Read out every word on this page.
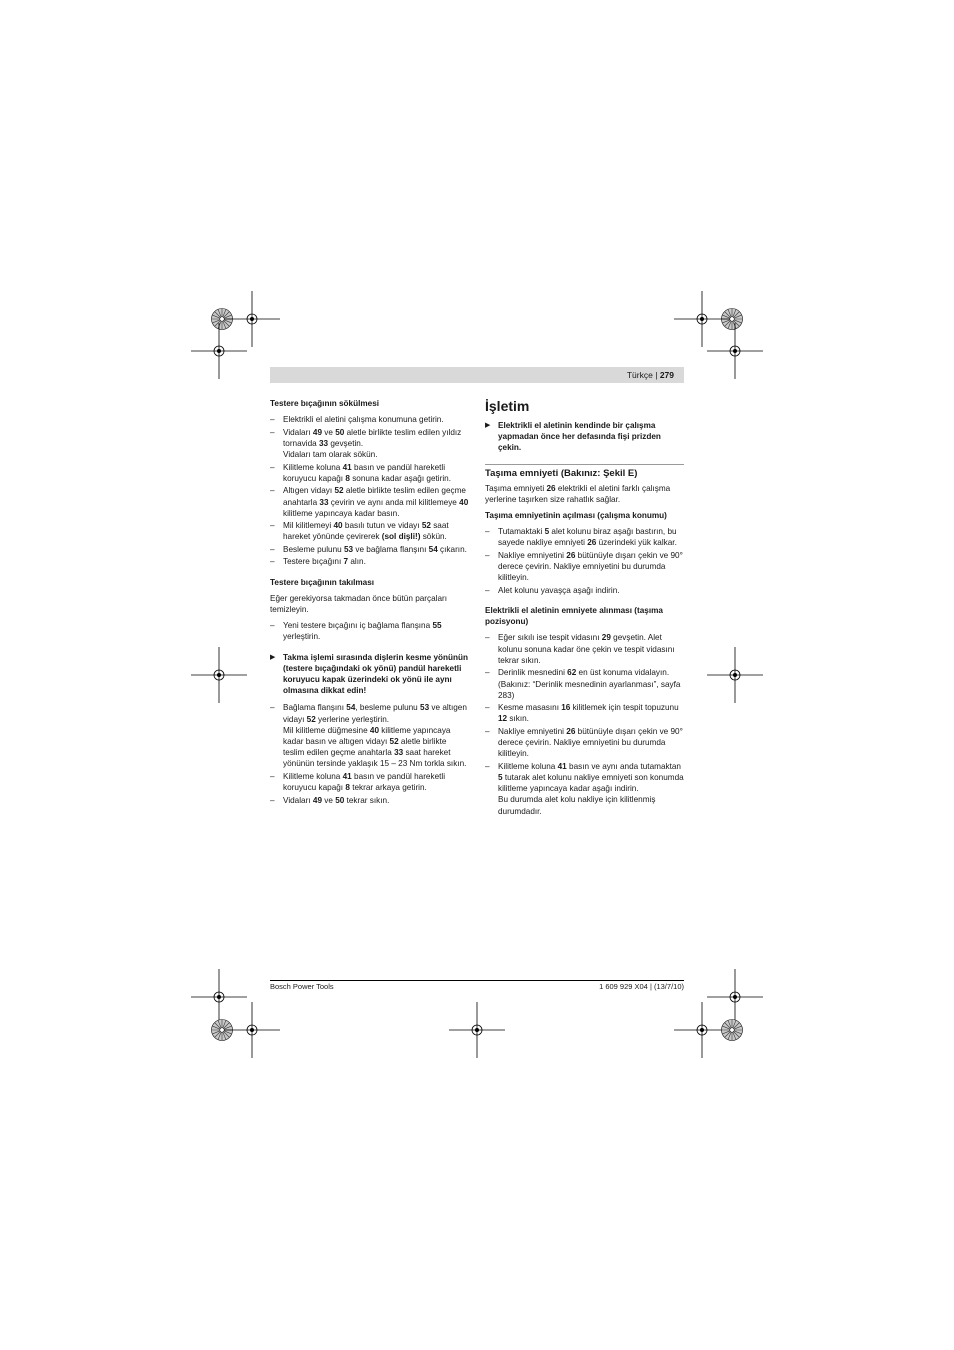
Türkçe | 279
Testere bıçağının sökülmesi
– Elektrikli el aletini çalışma konumuna getirin.
– Vidaları 49 ve 50 aletle birlikte teslim edilen yıldız tornavida 33 gevşetin.
Vidaları tam olarak sökün.
– Kilitleme koluna 41 basın ve pandül hareketli koruyucu kapağı 8 sonuna kadar aşağı getirin.
– Altıgen vidayı 52 aletle birlikte teslim edilen geçme anahtarla 33 çevirin ve aynı anda mil kilitlemeye 40 kilitleme yapıncaya kadar basın.
– Mil kilitlemeyi 40 basılı tutun ve vidayı 52 saat hareket yönünde çevirerek (sol dişli!) sökün.
– Besleme pulunu 53 ve bağlama flanşını 54 çıkarın.
– Testere bıçağını 7 alın.
Testere bıçağının takılması

Eğer gerekiyorsa takmadan önce bütün parçaları temizleyin.

– Yeni testere bıçağını iç bağlama flanşına 55 yerleştirin.
▶ Takma işlemi sırasında dişlerin kesme yönünün (testere bıçağındaki ok yönü) pandül hareketli koruyucu kapak üzerindeki ok yönü ile aynı olmasına dikkat edin!
– Bağlama flanşını 54, besleme pulunu 53 ve altıgen vidayı 52 yerlerine yerleştirin.
Mil kilitleme düğmesine 40 kilitleme yapıncaya kadar basın ve altıgen vidayı 52 aletle birlikte teslim edilen geçme anahtarla 33 saat hareket yönünün tersinde yaklaşık 15 – 23 Nm torkla sıkın.
– Kilitleme koluna 41 basın ve pandül hareketli koruyucu kapağı 8 tekrar arkaya getirin.
– Vidaları 49 ve 50 tekrar sıkın.
İşletim
▶ Elektrikli el aletinin kendinde bir çalışma yapmadan önce her defasında fişi prizden çekin.
Taşıma emniyeti (Bakınız: Şekil E)

Taşıma emniyeti 26 elektrikli el aletini farklı çalışma yerlerine taşırken size rahatlık sağlar.

Taşıma emniyetinin açılması (çalışma konumu)
– Tutamaktaki 5 alet kolunu biraz aşağı bastırın, bu sayede nakliye emniyeti 26 üzerindeki yük kalkar.
– Nakliye emniyetini 26 bütünüyle dışarı çekin ve 90° derece çevirin. Nakliye emniyetini bu durumda kilitleyin.
– Alet kolunu yavaşça aşağı indirin.
Elektrikli el aletinin emniyete alınması (taşıma pozisyonu)
– Eğer sıkılı ise tespit vidasını 29 gevşetin. Alet kolunu sonuna kadar öne çekin ve tespit vidasını tekrar sıkın.
– Derinlik mesnedini 62 en üst konuma vidalayın. (Bakınız: “Derinlik mesnedinin ayarlanması”, sayfa 283)
– Kesme masasını 16 kilitlemek için tespit topuzunu 12 sıkın.
– Nakliye emniyetini 26 bütünüyle dışarı çekin ve 90° derece çevirin. Nakliye emniyetini bu durumda kilitleyin.
– Kilitleme koluna 41 basın ve aynı anda tutamaktan 5 tutarak alet kolunu nakliye emniyeti son konumda kilitleme yapıncaya kadar aşağı indirin.
Bu durumda alet kolu nakliye için kilitlenmiş durumdadır.
Bosch Power Tools	1 609 929 X04 | (13/7/10)
